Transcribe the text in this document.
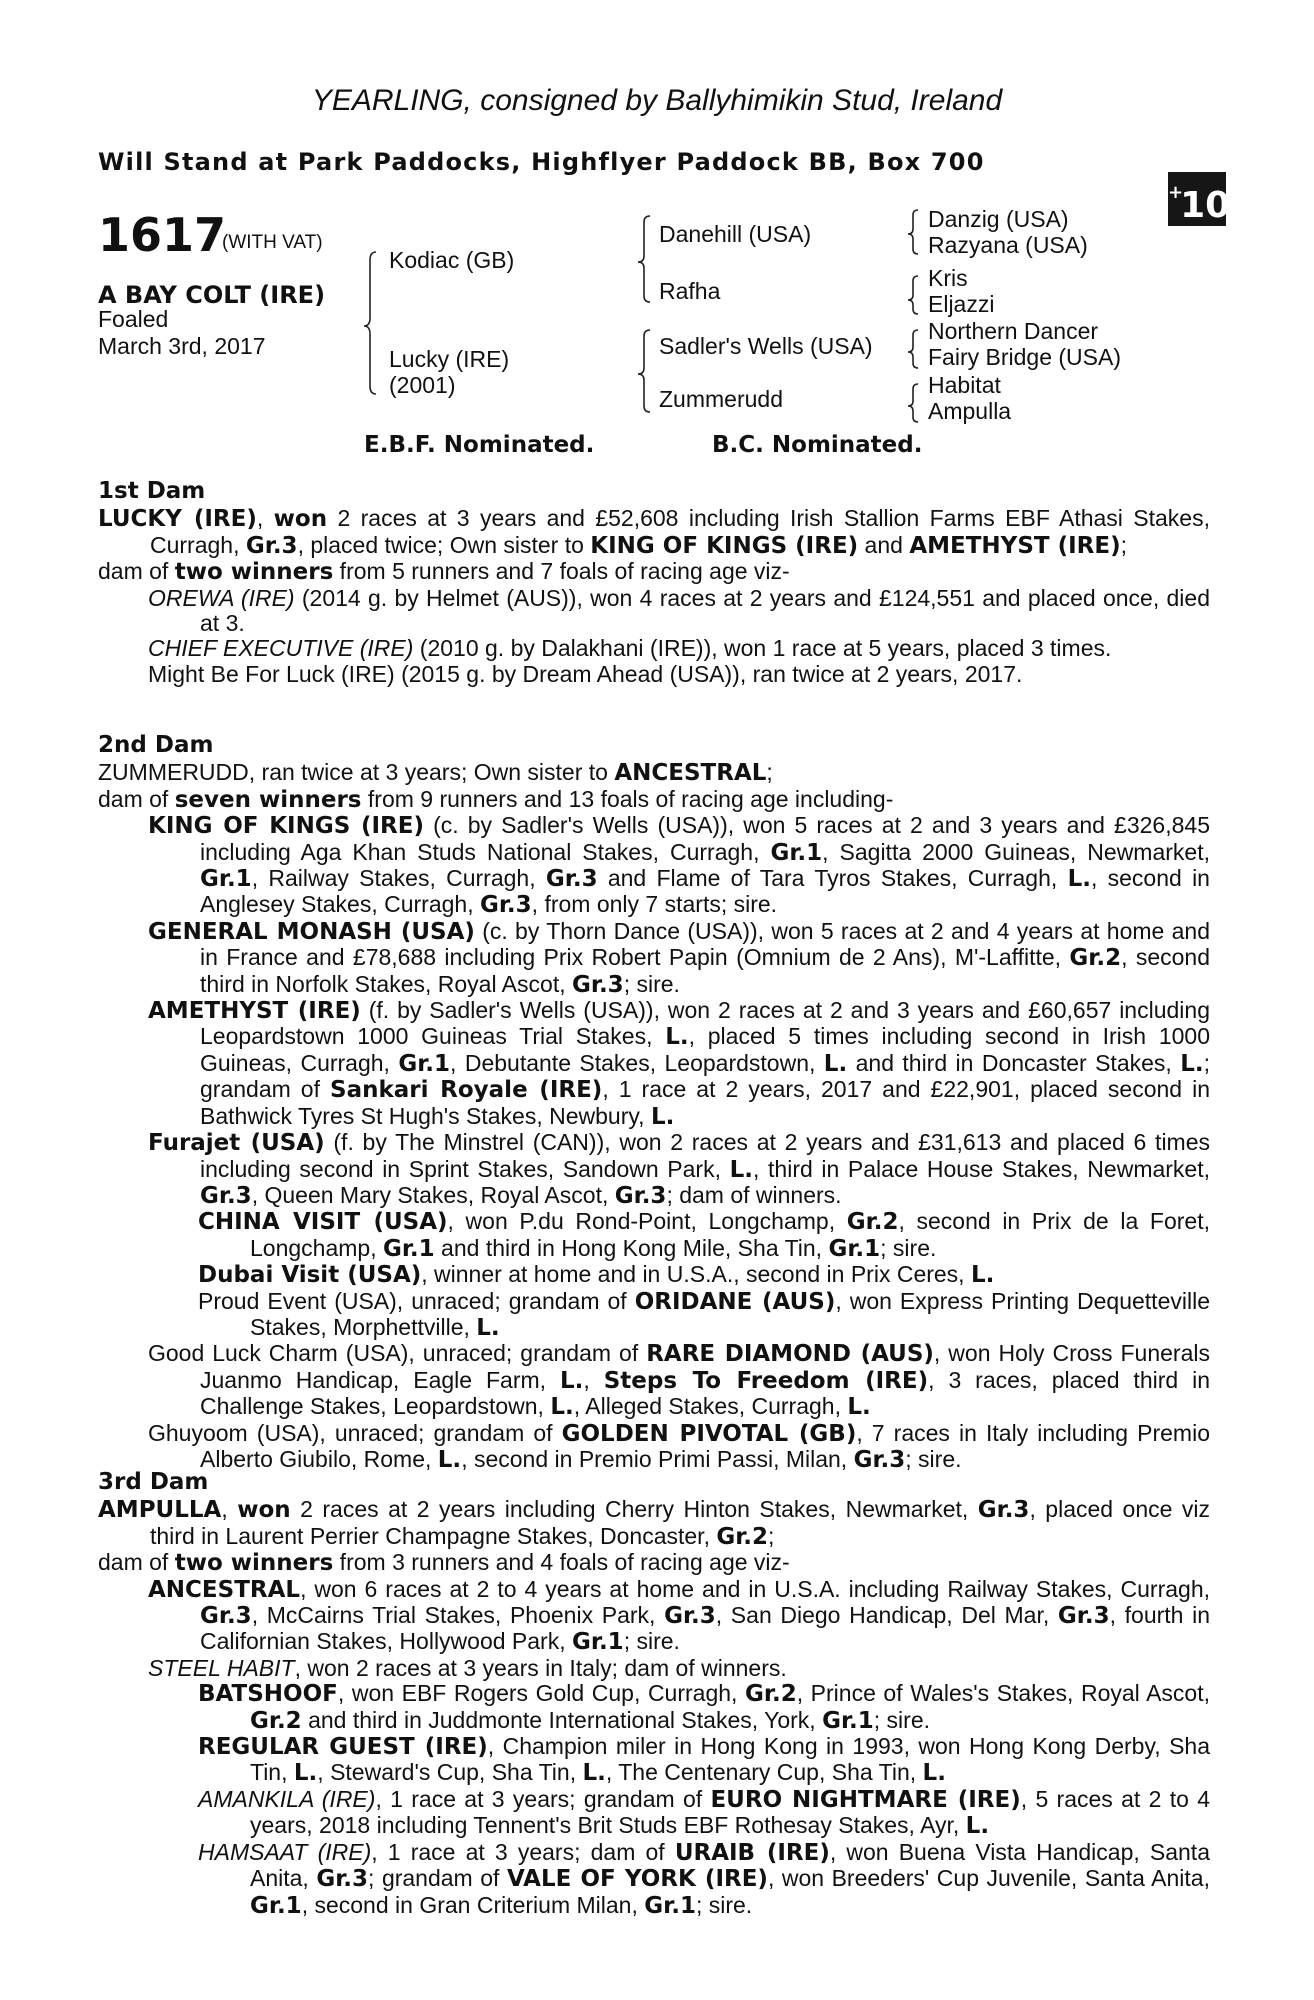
YEARLING, consigned by Ballyhimikin Stud, Ireland
Will Stand at Park Paddocks, Highflyer Paddock BB, Box 700
+10
1617
(WITH VAT)
A BAY COLT (IRE)
Foaled
March 3rd, 2017
Kodiac (GB)
Lucky (IRE)
(2001)
Danehill (USA)
Rafha
Sadler's Wells (USA)
Zummerudd
Danzig (USA)
Razyana (USA)
Kris
Eljazzi
Northern Dancer
Fairy Bridge (USA)
Habitat
Ampulla
E.B.F. Nominated.	B.C. Nominated.
1st Dam
LUCKY (IRE), won 2 races at 3 years and £52,608 including Irish Stallion Farms EBF Athasi Stakes, Curragh, Gr.3, placed twice; Own sister to KING OF KINGS (IRE) and AMETHYST (IRE);
dam of two winners from 5 runners and 7 foals of racing age viz-
OREWA (IRE) (2014 g. by Helmet (AUS)), won 4 races at 2 years and £124,551 and placed once, died at 3.
CHIEF EXECUTIVE (IRE) (2010 g. by Dalakhani (IRE)), won 1 race at 5 years, placed 3 times.
Might Be For Luck (IRE) (2015 g. by Dream Ahead (USA)), ran twice at 2 years, 2017.
2nd Dam
ZUMMERUDD, ran twice at 3 years; Own sister to ANCESTRAL;
dam of seven winners from 9 runners and 13 foals of racing age including-
KING OF KINGS (IRE) (c. by Sadler's Wells (USA)), won 5 races at 2 and 3 years and £326,845 including Aga Khan Studs National Stakes, Curragh, Gr.1, Sagitta 2000 Guineas, Newmarket, Gr.1, Railway Stakes, Curragh, Gr.3 and Flame of Tara Tyros Stakes, Curragh, L., second in Anglesey Stakes, Curragh, Gr.3, from only 7 starts; sire.
GENERAL MONASH (USA) (c. by Thorn Dance (USA)), won 5 races at 2 and 4 years at home and in France and £78,688 including Prix Robert Papin (Omnium de 2 Ans), M'-Laffitte, Gr.2, second third in Norfolk Stakes, Royal Ascot, Gr.3; sire.
AMETHYST (IRE) (f. by Sadler's Wells (USA)), won 2 races at 2 and 3 years and £60,657 including Leopardstown 1000 Guineas Trial Stakes, L., placed 5 times including second in Irish 1000 Guineas, Curragh, Gr.1, Debutante Stakes, Leopardstown, L. and third in Doncaster Stakes, L.; grandam of Sankari Royale (IRE), 1 race at 2 years, 2017 and £22,901, placed second in Bathwick Tyres St Hugh's Stakes, Newbury, L.
Furajet (USA) (f. by The Minstrel (CAN)), won 2 races at 2 years and £31,613 and placed 6 times including second in Sprint Stakes, Sandown Park, L., third in Palace House Stakes, Newmarket, Gr.3, Queen Mary Stakes, Royal Ascot, Gr.3; dam of winners.
CHINA VISIT (USA), won P.du Rond-Point, Longchamp, Gr.2, second in Prix de la Foret, Longchamp, Gr.1 and third in Hong Kong Mile, Sha Tin, Gr.1; sire.
Dubai Visit (USA), winner at home and in U.S.A., second in Prix Ceres, L.
Proud Event (USA), unraced; grandam of ORIDANE (AUS), won Express Printing Dequetteville Stakes, Morphettville, L.
Good Luck Charm (USA), unraced; grandam of RARE DIAMOND (AUS), won Holy Cross Funerals Juanmo Handicap, Eagle Farm, L., Steps To Freedom (IRE), 3 races, placed third in Challenge Stakes, Leopardstown, L., Alleged Stakes, Curragh, L.
Ghuyoom (USA), unraced; grandam of GOLDEN PIVOTAL (GB), 7 races in Italy including Premio Alberto Giubilo, Rome, L., second in Premio Primi Passi, Milan, Gr.3; sire.
3rd Dam
AMPULLA, won 2 races at 2 years including Cherry Hinton Stakes, Newmarket, Gr.3, placed once viz third in Laurent Perrier Champagne Stakes, Doncaster, Gr.2;
dam of two winners from 3 runners and 4 foals of racing age viz-
ANCESTRAL, won 6 races at 2 to 4 years at home and in U.S.A. including Railway Stakes, Curragh, Gr.3, McCairns Trial Stakes, Phoenix Park, Gr.3, San Diego Handicap, Del Mar, Gr.3, fourth in Californian Stakes, Hollywood Park, Gr.1; sire.
STEEL HABIT, won 2 races at 3 years in Italy; dam of winners.
BATSHOOF, won EBF Rogers Gold Cup, Curragh, Gr.2, Prince of Wales's Stakes, Royal Ascot, Gr.2 and third in Juddmonte International Stakes, York, Gr.1; sire.
REGULAR GUEST (IRE), Champion miler in Hong Kong in 1993, won Hong Kong Derby, Sha Tin, L., Steward's Cup, Sha Tin, L., The Centenary Cup, Sha Tin, L.
AMANKILA (IRE), 1 race at 3 years; grandam of EURO NIGHTMARE (IRE), 5 races at 2 to 4 years, 2018 including Tennent's Brit Studs EBF Rothesay Stakes, Ayr, L.
HAMSAAT (IRE), 1 race at 3 years; dam of URAIB (IRE), won Buena Vista Handicap, Santa Anita, Gr.3; grandam of VALE OF YORK (IRE), won Breeders' Cup Juvenile, Santa Anita, Gr.1, second in Gran Criterium Milan, Gr.1; sire.
